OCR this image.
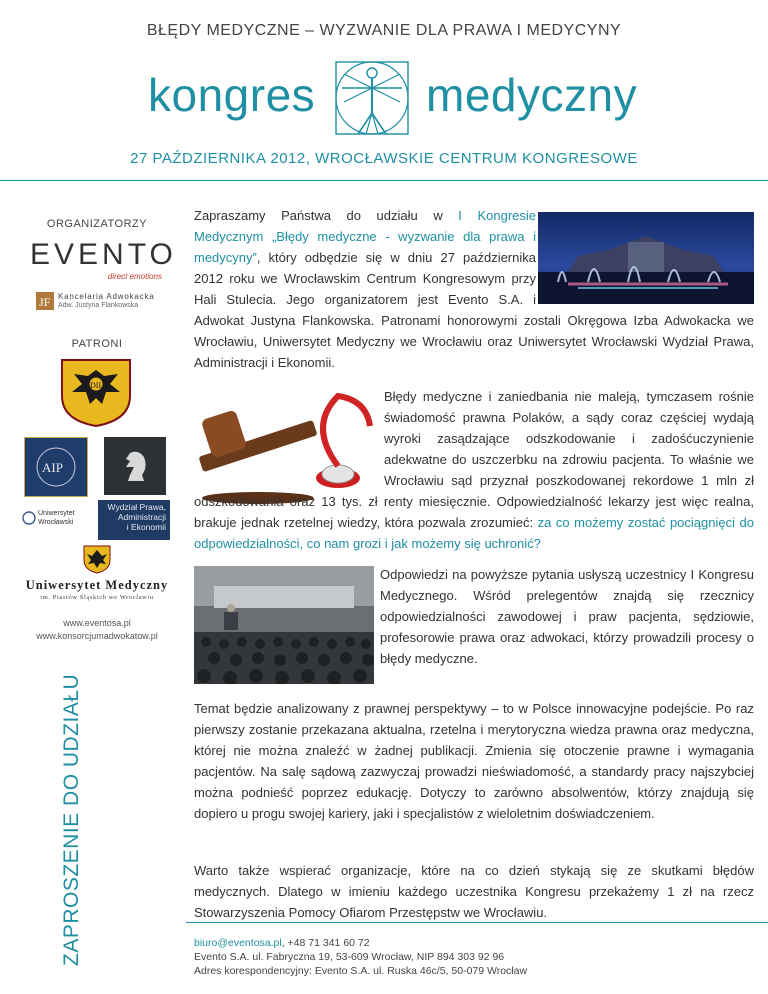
BŁĘDY MEDYCZNE – WYZWANIE DLA PRAWA I MEDYCYNY
kongres medyczny
27 PAŹDZIERNIKA 2012, WROCŁAWSKIE CENTRUM KONGRESOWE
ORGANIZATORZY
EVENTO
direct emotions
JF Kancelaria Adwokacka
Adw. Justyna Flankowska
PATRONI
DIL
AIP
Uniwersytet Wrocławski
Wydział Prawa,
Administracji
i Ekonomii
Uniwersytet Medyczny
im. Piastów Śląskich we Wrocławiu
www.eventosa.pl
www.konsorcjumadwokatow.pl
ZAPROSZENIE DO UDZIAŁU

Zapraszamy Państwa do udziału w I Kongresie Medycznym „Błędy medyczne - wyzwanie dla prawa i medycyny”, który odbędzie się w dniu 27 października 2012 roku we Wrocławskim Centrum Kongresowym przy Hali Stulecia. Jego organizatorem jest Evento S.A. i Adwokat Justyna Flankowska. Patronami honorowymi zostali Okręgowa Izba Adwokacka we Wrocławiu, Uniwersytet Medyczny we Wrocławiu oraz Uniwersytet Wrocławski Wydział Prawa, Administracji i Ekonomii.

Błędy medyczne i zaniedbania nie maleją, tymczasem rośnie świadomość prawna Polaków, a sądy coraz częściej wydają wyroki zasądzające odszkodowanie i zadośćuczynienie adekwatne do uszczerbku na zdrowiu pacjenta. To właśnie we Wrocławiu sąd przyznał poszkodowanej rekordowe 1 mln zł odszkodowania oraz 13 tys. zł renty miesięcznie. Odpowiedzialność lekarzy jest więc realna, brakuje jednak rzetelnej wiedzy, która pozwala zrozumieć: za co możemy zostać pociągnięci do odpowiedzialności, co nam grozi i jak możemy się uchronić?

Odpowiedzi na powyższe pytania usłyszą uczestnicy I Kongresu Medycznego. Wśród prelegentów znajdą się rzecznicy odpowiedzialności zawodowej i praw pacjenta, sędziowie, profesorowie prawa oraz adwokaci, którzy prowadzili procesy o błędy medyczne.

Temat będzie analizowany z prawnej perspektywy – to w Polsce innowacyjne podejście. Po raz pierwszy zostanie przekazana aktualna, rzetelna i merytoryczna wiedza prawna oraz medyczna, której nie można znaleźć w żadnej publikacji. Zmienia się otoczenie prawne i wymagania pacjentów. Na salę sądową zazwyczaj prowadzi nieświadomość, a standardy pracy najszybciej można podnieść poprzez edukację. Dotyczy to zarówno absolwentów, którzy znajdują się dopiero u progu swojej kariery, jaki i specjalistów z wieloletnim doświadczeniem.

Warto także wspierać organizacje, które na co dzień stykają się ze skutkami błędów medycznych. Dlatego w imieniu każdego uczestnika Kongresu przekażemy 1 zł na rzecz Stowarzyszenia Pomocy Ofiarom Przestępstw we Wrocławiu.

biuro@eventosa.pl, +48 71 341 60 72
Evento S.A. ul. Fabryczna 19, 53-609 Wrocław, NIP 894 303 92 96
Adres korespondencyjny: Evento S.A. ul. Ruska 46c/5, 50-079 Wrocław
